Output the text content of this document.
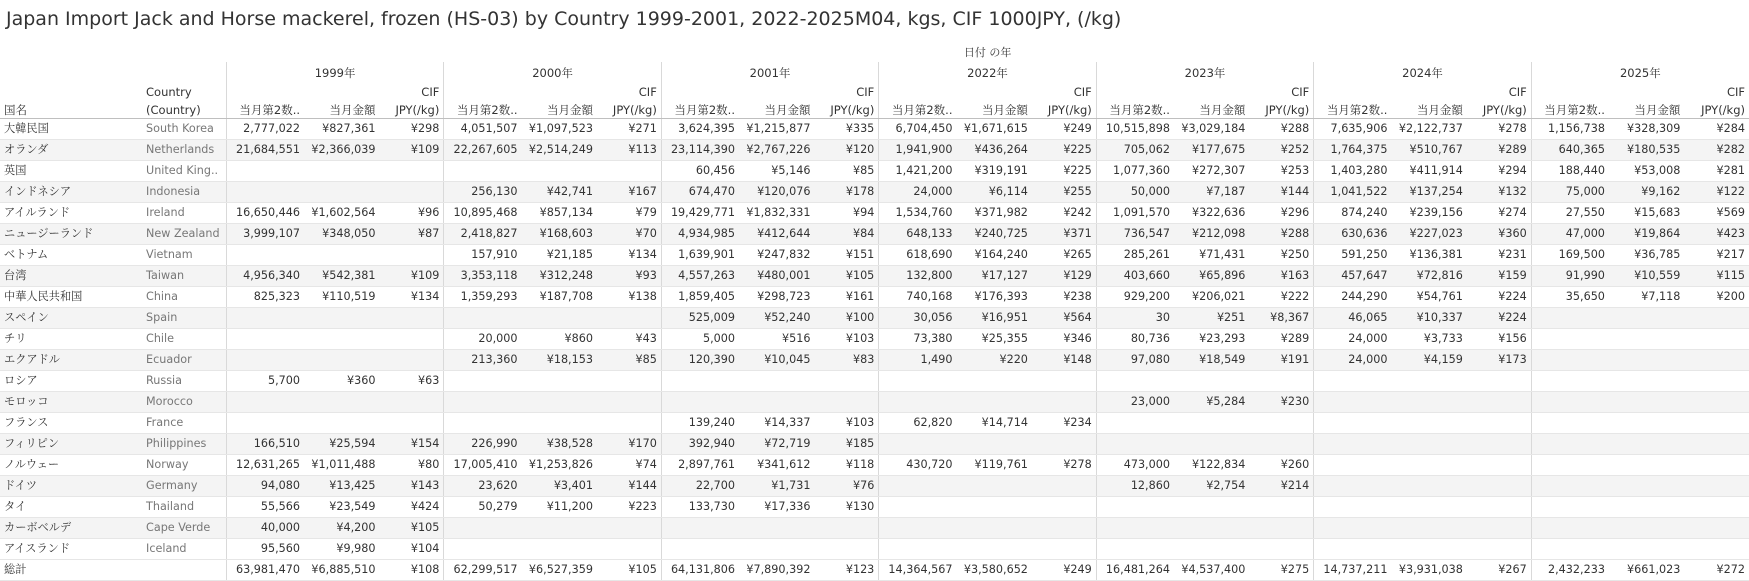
Japan Import Jack and Horse mackerel, frozen (HS-03) by Country 1999-2001, 2022-2025M04, kgs, CIF 1000JPY, (/kg)
		日付 の年																				
		1999年			2000年			2001年			2022年			2023年			2024年			2025年		
	Country			CIF			CIF			CIF			CIF			CIF			CIF			CIF
国名	(Country)	当月第2数..	当月金額	JPY(/kg)	当月第2数..	当月金額	JPY(/kg)	当月第2数..	当月金額	JPY(/kg)	当月第2数..	当月金額	JPY(/kg)	当月第2数..	当月金額	JPY(/kg)	当月第2数..	当月金額	JPY(/kg)	当月第2数..	当月金額	JPY(/kg)
大韓民国	South Korea	2,777,022	¥827,361	¥298	4,051,507	¥1,097,523	¥271	3,624,395	¥1,215,877	¥335	6,704,450	¥1,671,615	¥249	10,515,898	¥3,029,184	¥288	7,635,906	¥2,122,737	¥278	1,156,738	¥328,309	¥284
オランダ	Netherlands	21,684,551	¥2,366,039	¥109	22,267,605	¥2,514,249	¥113	23,114,390	¥2,767,226	¥120	1,941,900	¥436,264	¥225	705,062	¥177,675	¥252	1,764,375	¥510,767	¥289	640,365	¥180,535	¥282
英国	United King..							60,456	¥5,146	¥85	1,421,200	¥319,191	¥225	1,077,360	¥272,307	¥253	1,403,280	¥411,914	¥294	188,440	¥53,008	¥281
インドネシア	Indonesia				256,130	¥42,741	¥167	674,470	¥120,076	¥178	24,000	¥6,114	¥255	50,000	¥7,187	¥144	1,041,522	¥137,254	¥132	75,000	¥9,162	¥122
アイルランド	Ireland	16,650,446	¥1,602,564	¥96	10,895,468	¥857,134	¥79	19,429,771	¥1,832,331	¥94	1,534,760	¥371,982	¥242	1,091,570	¥322,636	¥296	874,240	¥239,156	¥274	27,550	¥15,683	¥569
ニュージーランド	New Zealand	3,999,107	¥348,050	¥87	2,418,827	¥168,603	¥70	4,934,985	¥412,644	¥84	648,133	¥240,725	¥371	736,547	¥212,098	¥288	630,636	¥227,023	¥360	47,000	¥19,864	¥423
ベトナム	Vietnam				157,910	¥21,185	¥134	1,639,901	¥247,832	¥151	618,690	¥164,240	¥265	285,261	¥71,431	¥250	591,250	¥136,381	¥231	169,500	¥36,785	¥217
台湾	Taiwan	4,956,340	¥542,381	¥109	3,353,118	¥312,248	¥93	4,557,263	¥480,001	¥105	132,800	¥17,127	¥129	403,660	¥65,896	¥163	457,647	¥72,816	¥159	91,990	¥10,559	¥115
中華人民共和国	China	825,323	¥110,519	¥134	1,359,293	¥187,708	¥138	1,859,405	¥298,723	¥161	740,168	¥176,393	¥238	929,200	¥206,021	¥222	244,290	¥54,761	¥224	35,650	¥7,118	¥200
スペイン	Spain							525,009	¥52,240	¥100	30,056	¥16,951	¥564	30	¥251	¥8,367	46,065	¥10,337	¥224			
チリ	Chile				20,000	¥860	¥43	5,000	¥516	¥103	73,380	¥25,355	¥346	80,736	¥23,293	¥289	24,000	¥3,733	¥156			
エクアドル	Ecuador				213,360	¥18,153	¥85	120,390	¥10,045	¥83	1,490	¥220	¥148	97,080	¥18,549	¥191	24,000	¥4,159	¥173			
ロシア	Russia	5,700	¥360	¥63																		
モロッコ	Morocco													23,000	¥5,284	¥230						
フランス	France							139,240	¥14,337	¥103	62,820	¥14,714	¥234									
フィリピン	Philippines	166,510	¥25,594	¥154	226,990	¥38,528	¥170	392,940	¥72,719	¥185												
ノルウェー	Norway	12,631,265	¥1,011,488	¥80	17,005,410	¥1,253,826	¥74	2,897,761	¥341,612	¥118	430,720	¥119,761	¥278	473,000	¥122,834	¥260						
ドイツ	Germany	94,080	¥13,425	¥143	23,620	¥3,401	¥144	22,700	¥1,731	¥76				12,860	¥2,754	¥214						
タイ	Thailand	55,566	¥23,549	¥424	50,279	¥11,200	¥223	133,730	¥17,336	¥130												
カーボベルデ	Cape Verde	40,000	¥4,200	¥105																		
アイスランド	Iceland	95,560	¥9,980	¥104																		
総計		63,981,470	¥6,885,510	¥108	62,299,517	¥6,527,359	¥105	64,131,806	¥7,890,392	¥123	14,364,567	¥3,580,652	¥249	16,481,264	¥4,537,400	¥275	14,737,211	¥3,931,038	¥267	2,432,233	¥661,023	¥272
